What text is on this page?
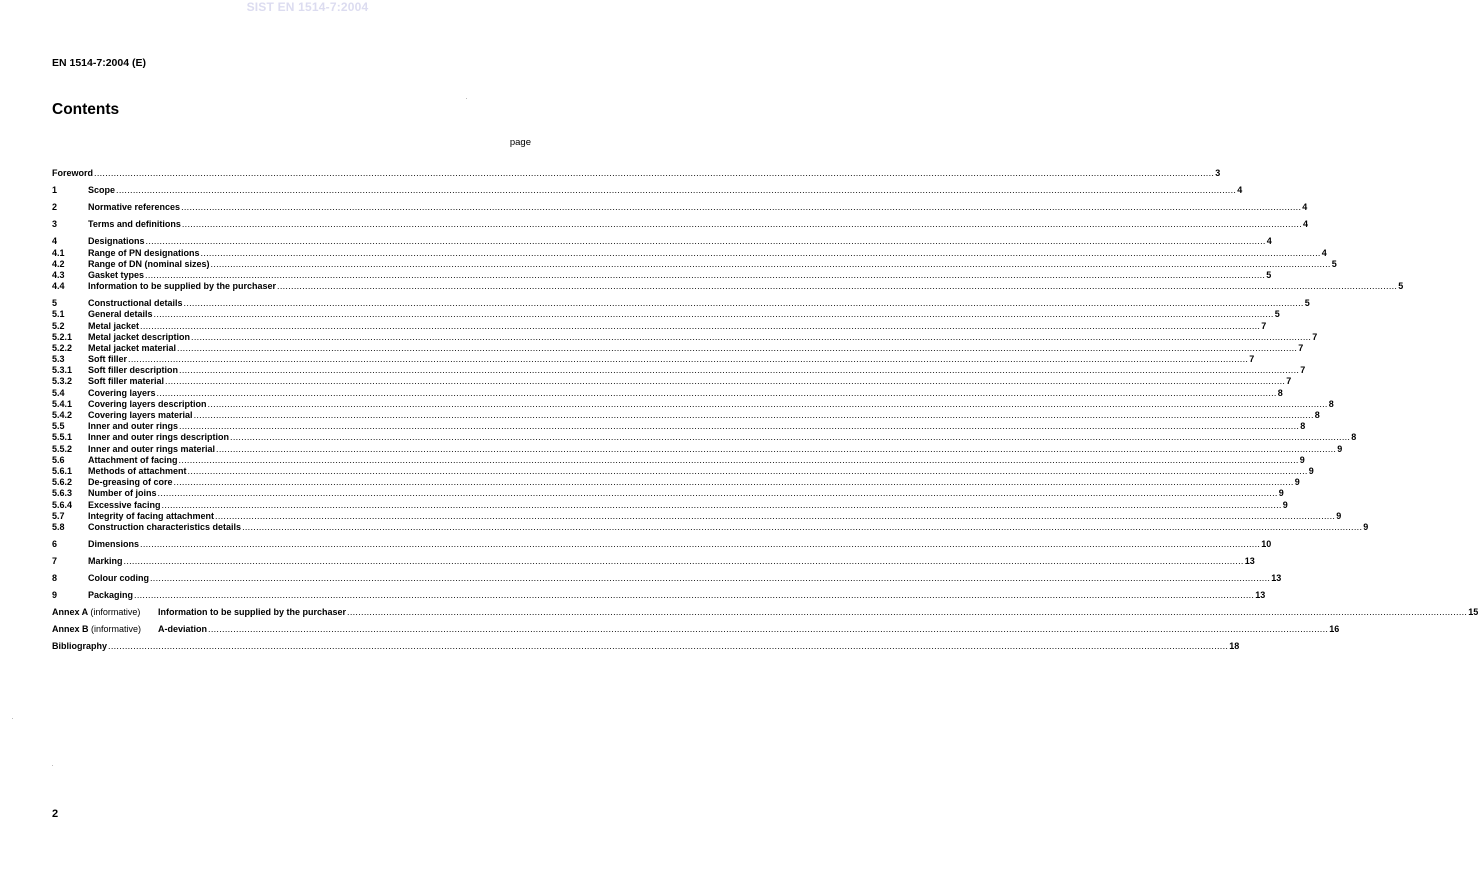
SIST EN 1514-7:2004
EN 1514-7:2004 (E)
Contents
page
Foreword ................................................................................................................................................................................................................................................................................................................................................................................................................ 3
1	Scope ................................................................................................................................................................................................................................................................................................................................................................................................................ 4
2	Normative references ................................................................................................................................................................................................................................................................................................................................................................................................................ 4
3	Terms and definitions ................................................................................................................................................................................................................................................................................................................................................................................................................ 4
4	Designations ................................................................................................................................................................................................................................................................................................................................................................................................................ 4
4.1	Range of PN designations ................................................................................................................................................................................................................................................................................................................................................................................................................ 4
4.2	Range of DN (nominal sizes) ................................................................................................................................................................................................................................................................................................................................................................................................................ 5
4.3	Gasket types ................................................................................................................................................................................................................................................................................................................................................................................................................ 5
4.4	Information to be supplied by the purchaser ................................................................................................................................................................................................................................................................................................................................................................................................................ 5
5	Constructional details ................................................................................................................................................................................................................................................................................................................................................................................................................ 5
5.1	General details ................................................................................................................................................................................................................................................................................................................................................................................................................ 5
5.2	Metal jacket ................................................................................................................................................................................................................................................................................................................................................................................................................ 7
5.2.1	Metal jacket description ................................................................................................................................................................................................................................................................................................................................................................................................................ 7
5.2.2	Metal jacket material ................................................................................................................................................................................................................................................................................................................................................................................................................ 7
5.3	Soft filler ................................................................................................................................................................................................................................................................................................................................................................................................................ 7
5.3.1	Soft filler description ................................................................................................................................................................................................................................................................................................................................................................................................................ 7
5.3.2	Soft filler material ................................................................................................................................................................................................................................................................................................................................................................................................................ 7
5.4	Covering layers ................................................................................................................................................................................................................................................................................................................................................................................................................ 8
5.4.1	Covering layers description ................................................................................................................................................................................................................................................................................................................................................................................................................ 8
5.4.2	Covering layers material ................................................................................................................................................................................................................................................................................................................................................................................................................ 8
5.5	Inner and outer rings ................................................................................................................................................................................................................................................................................................................................................................................................................ 8
5.5.1	Inner and outer rings description ................................................................................................................................................................................................................................................................................................................................................................................................................ 8
5.5.2	Inner and outer rings material ................................................................................................................................................................................................................................................................................................................................................................................................................ 9
5.6	Attachment of facing ................................................................................................................................................................................................................................................................................................................................................................................................................ 9
5.6.1	Methods of attachment ................................................................................................................................................................................................................................................................................................................................................................................................................ 9
5.6.2	De-greasing of core ................................................................................................................................................................................................................................................................................................................................................................................................................ 9
5.6.3	Number of joins ................................................................................................................................................................................................................................................................................................................................................................................................................ 9
5.6.4	Excessive facing ................................................................................................................................................................................................................................................................................................................................................................................................................ 9
5.7	Integrity of facing attachment ................................................................................................................................................................................................................................................................................................................................................................................................................ 9
5.8	Construction characteristics details ................................................................................................................................................................................................................................................................................................................................................................................................................ 9
6	Dimensions ................................................................................................................................................................................................................................................................................................................................................................................................................ 10
7	Marking ................................................................................................................................................................................................................................................................................................................................................................................................................ 13
8	Colour coding ................................................................................................................................................................................................................................................................................................................................................................................................................ 13
9	Packaging ................................................................................................................................................................................................................................................................................................................................................................................................................ 13
Annex A (informative)	Information to be supplied by the purchaser ................................................................................................................................................................................................................................................................................................................................................................................................................ 15
Annex B (informative)	A-deviation ................................................................................................................................................................................................................................................................................................................................................................................................................ 16
Bibliography ................................................................................................................................................................................................................................................................................................................................................................................................................ 18
2
